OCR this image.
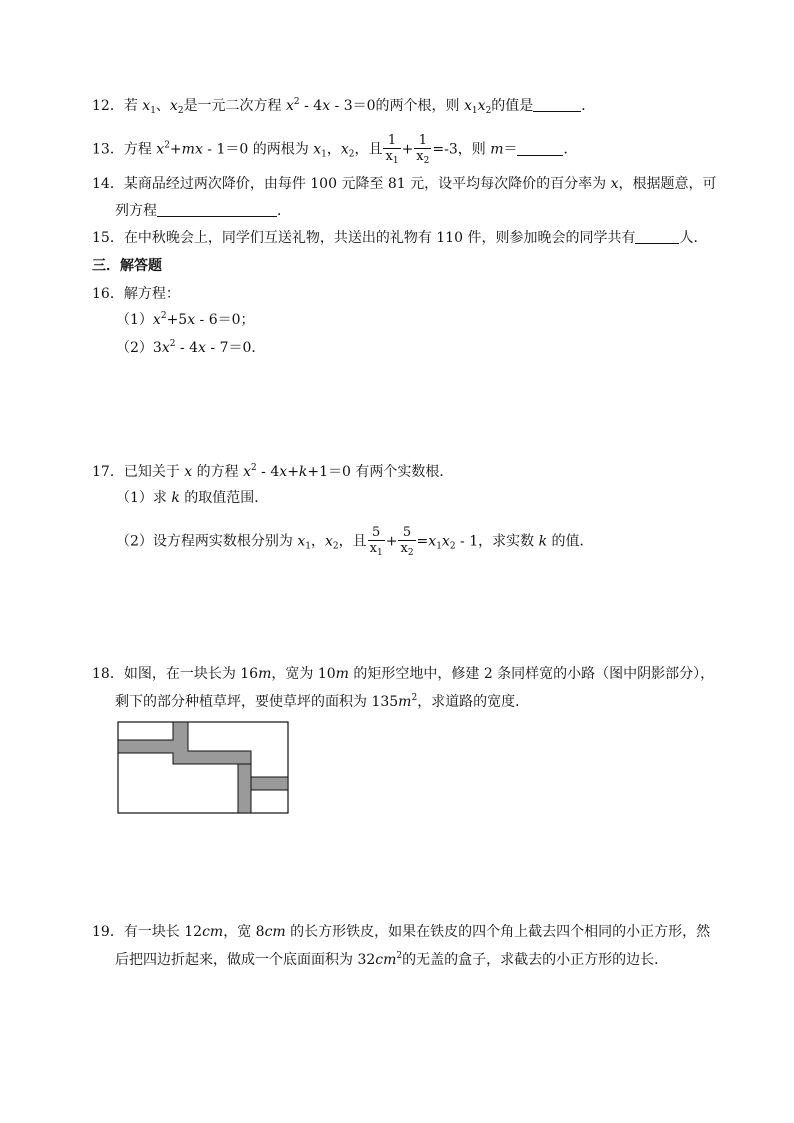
12．若 $x_1$、$x_2$是一元二次方程 $x^2 - 4x - 3=0$的两个根，则 $x_1x_2$的值是	．
13．方程 $x^2+mx - 1=0$ 的两根为 $x_1$，$x_2$，且 $\frac{1}{x_1} + \frac{1}{x_2} =-3$，则 m＝	．
14．某商品经过两次降价，由每件 100 元降至 81 元，设平均每次降价的百分率为 x，根据题意，可
列方程	．
15．在中秋晚会上，同学们互送礼物，共送出的礼物有 110 件，则参加晚会的同学共有	人．
三．解答题
16．解方程：
$(1)x^2+5x - 6=0$；
$(2)3x^2 - 4x - 7=0$．
17．已知关于 x 的方程 $x^2 - 4x+k+1=0$ 有两个实数根．
（1）求 k 的取值范围．
（2）设方程两实数根分别为 $x_1$，$x_2$，且 $\frac{5}{x_1} + \frac{5}{x_2} =x_1x_2 - 1$，求实数 k 的值．
18．如图，在一块长为 16m，宽为 10m 的矩形空地中，修建 2 条同样宽的小路（图中阴影部分），
剩下的部分种植草坪，要使草坪的面积为 $135m^2$，求道路的宽度．
19．有一块长 12cm，宽 8cm 的长方形铁皮，如果在铁皮的四个角上截去四个相同的小正方形，然
后把四边折起来，做成一个底面面积为 $32cm^2$的无盖的盒子，求截去的小正方形的边长．
